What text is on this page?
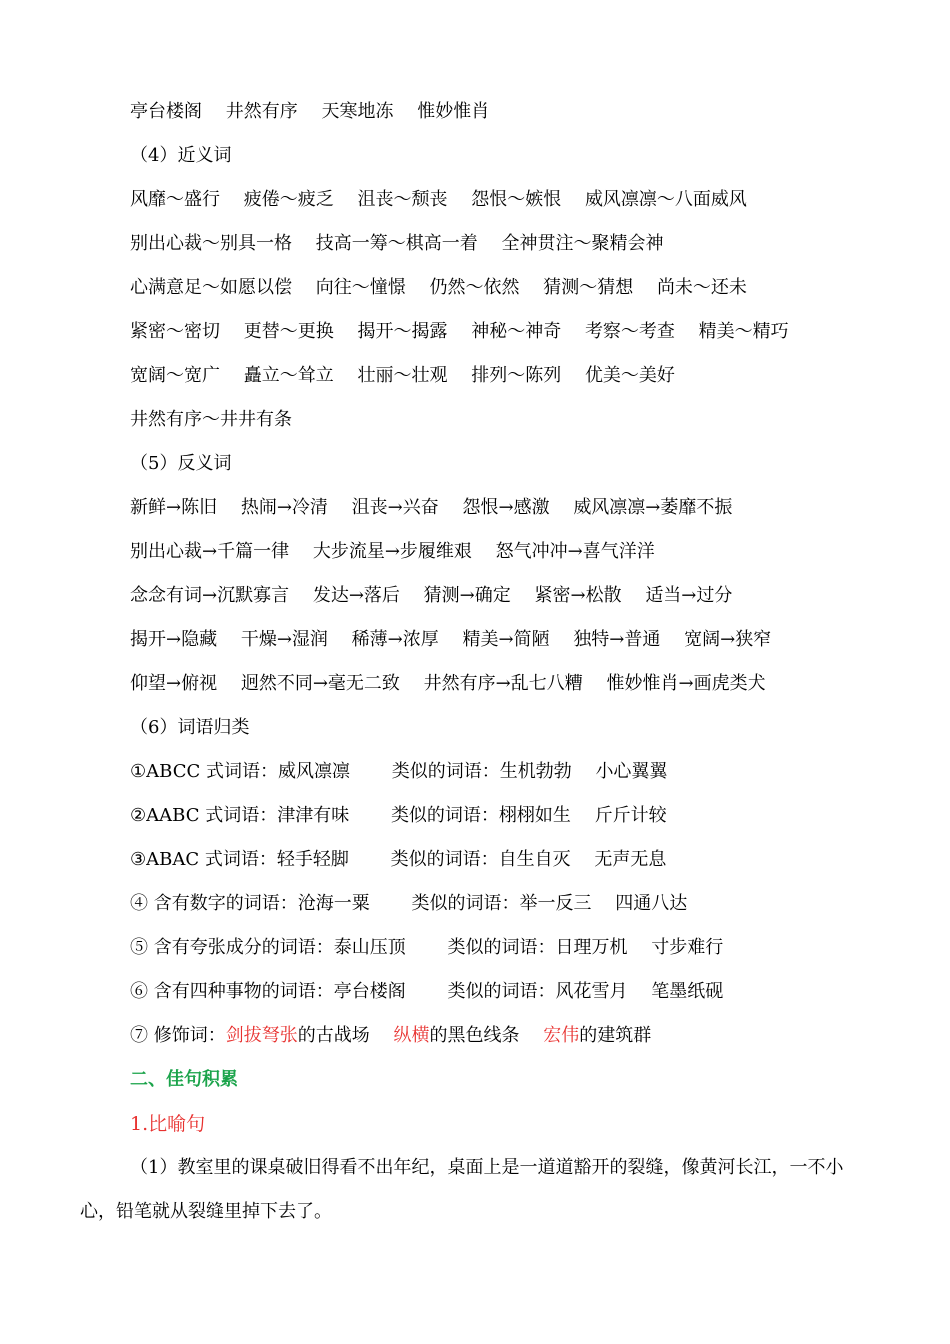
亭台楼阁 井然有序 天寒地冻 惟妙惟肖
（4）近义词
风靡～盛行 疲倦～疲乏 沮丧～颓丧 怨恨～嫉恨 威风凛凛～八面威风
别出心裁～别具一格 技高一筹～棋高一着 全神贯注～聚精会神
心满意足～如愿以偿 向往～憧憬 仍然～依然 猜测～猜想 尚未～还未
紧密～密切 更替～更换 揭开～揭露 神秘～神奇 考察～考查 精美～精巧
宽阔～宽广 矗立～耸立 壮丽～壮观 排列～陈列 优美～美好
井然有序～井井有条
（5）反义词
新鲜→陈旧 热闹→冷清 沮丧→兴奋 怨恨→感激 威风凛凛→萎靡不振
别出心裁→千篇一律 大步流星→步履维艰 怒气冲冲→喜气洋洋
念念有词→沉默寡言 发达→落后 猜测→确定 紧密→松散 适当→过分
揭开→隐藏 干燥→湿润 稀薄→浓厚 精美→简陋 独特→普通 宽阔→狭窄
仰望→俯视 迥然不同→毫无二致 井然有序→乱七八糟 惟妙惟肖→画虎类犬
（6）词语归类
①ABCC 式词语：威风凛凛 类似的词语：生机勃勃 小心翼翼
②AABC 式词语：津津有味 类似的词语：栩栩如生 斤斤计较
③ABAC 式词语：轻手轻脚 类似的词语：自生自灭 无声无息
④ 含有数字的词语：沧海一粟 类似的词语：举一反三 四通八达
⑤ 含有夸张成分的词语：泰山压顶 类似的词语：日理万机 寸步难行
⑥ 含有四种事物的词语：亭台楼阁 类似的词语：风花雪月 笔墨纸砚
⑦ 修饰词：剑拔弩张的古战场 纵横的黑色线条 宏伟的建筑群
二、佳句积累
1.比喻句
（1）教室里的课桌破旧得看不出年纪，桌面上是一道道豁开的裂缝，像黄河长江，一不小心，铅笔就从裂缝里掉下去了。
